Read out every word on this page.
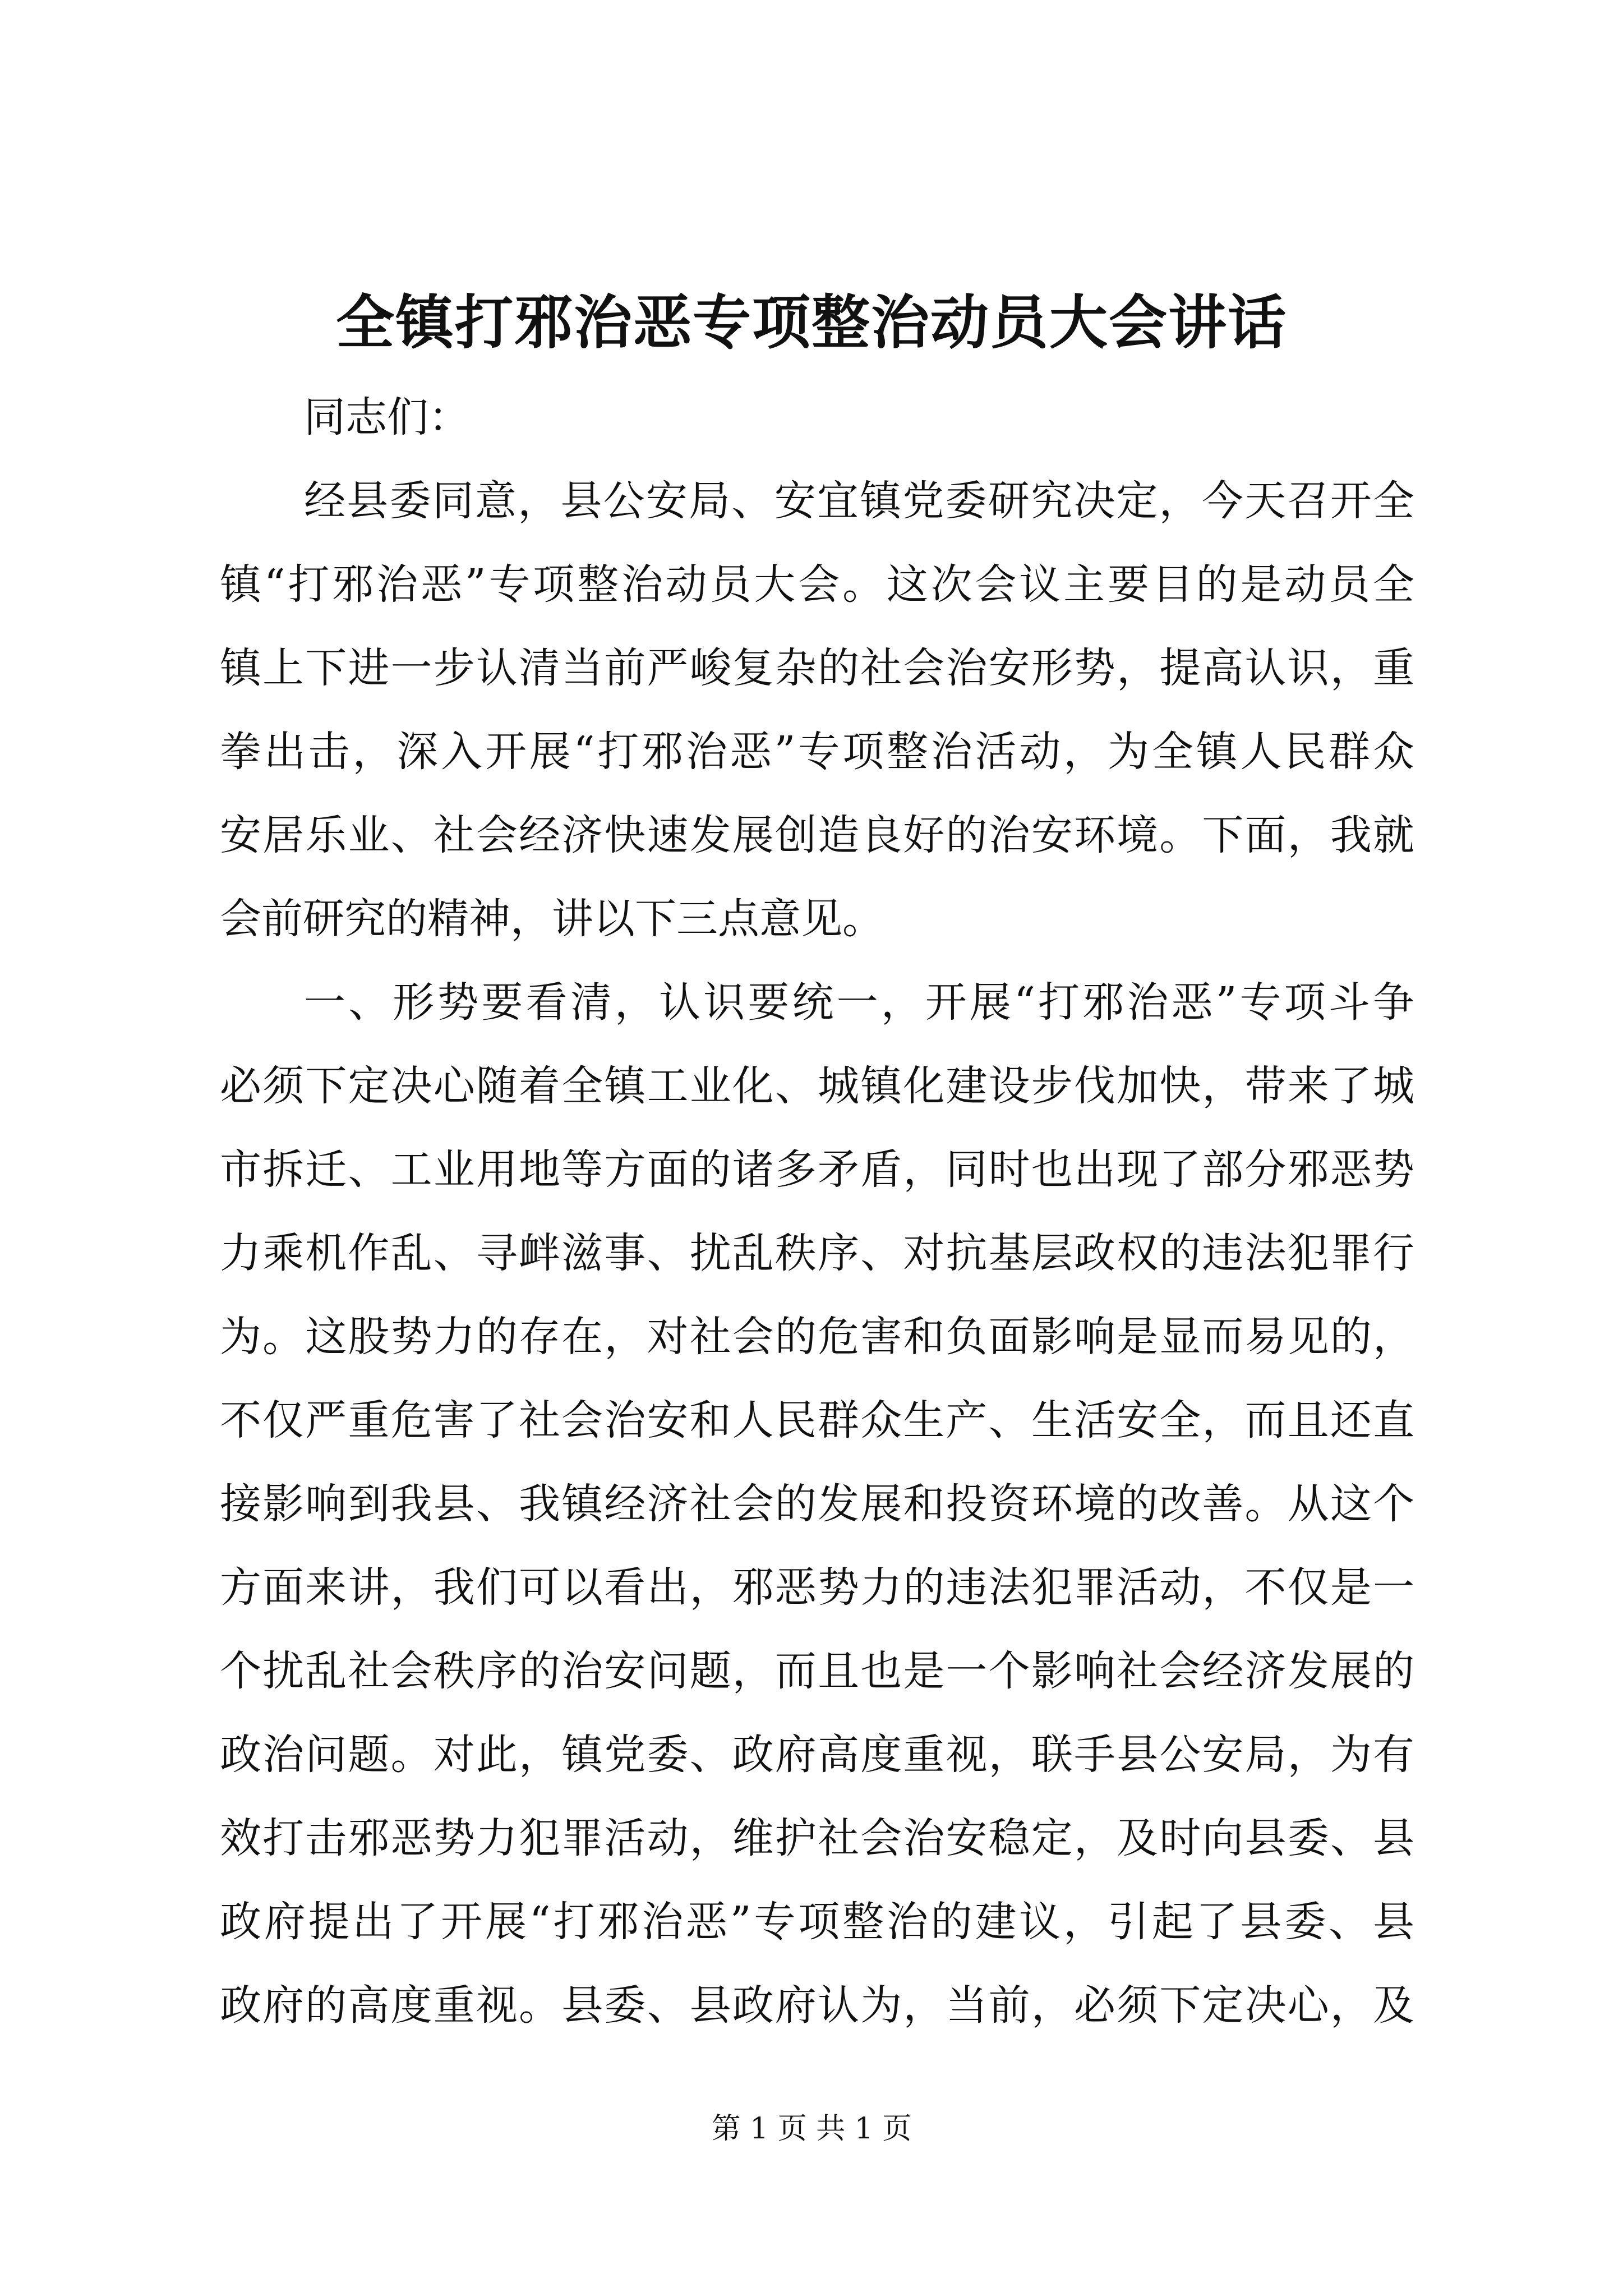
全镇打邪治恶专项整治动员大会讲话
同志们：
经县委同意，县公安局、安宜镇党委研究决定，今天召开全
镇“打邪治恶”专项整治动员大会。这次会议主要目的是动员全
镇上下进一步认清当前严峻复杂的社会治安形势，提高认识，重
拳出击，深入开展“打邪治恶”专项整治活动，为全镇人民群众
安居乐业、社会经济快速发展创造良好的治安环境。下面，我就
会前研究的精神，讲以下三点意见。
一、形势要看清，认识要统一，开展“打邪治恶”专项斗争
必须下定决心随着全镇工业化、城镇化建设步伐加快，带来了城
市拆迁、工业用地等方面的诸多矛盾，同时也出现了部分邪恶势
力乘机作乱、寻衅滋事、扰乱秩序、对抗基层政权的违法犯罪行
为。这股势力的存在，对社会的危害和负面影响是显而易见的，
不仅严重危害了社会治安和人民群众生产、生活安全，而且还直
接影响到我县、我镇经济社会的发展和投资环境的改善。从这个
方面来讲，我们可以看出，邪恶势力的违法犯罪活动，不仅是一
个扰乱社会秩序的治安问题，而且也是一个影响社会经济发展的
政治问题。对此，镇党委、政府高度重视，联手县公安局，为有
效打击邪恶势力犯罪活动，维护社会治安稳定，及时向县委、县
政府提出了开展“打邪治恶”专项整治的建议，引起了县委、县
政府的高度重视。县委、县政府认为，当前，必须下定决心，及
第 1 页 共 1 页
